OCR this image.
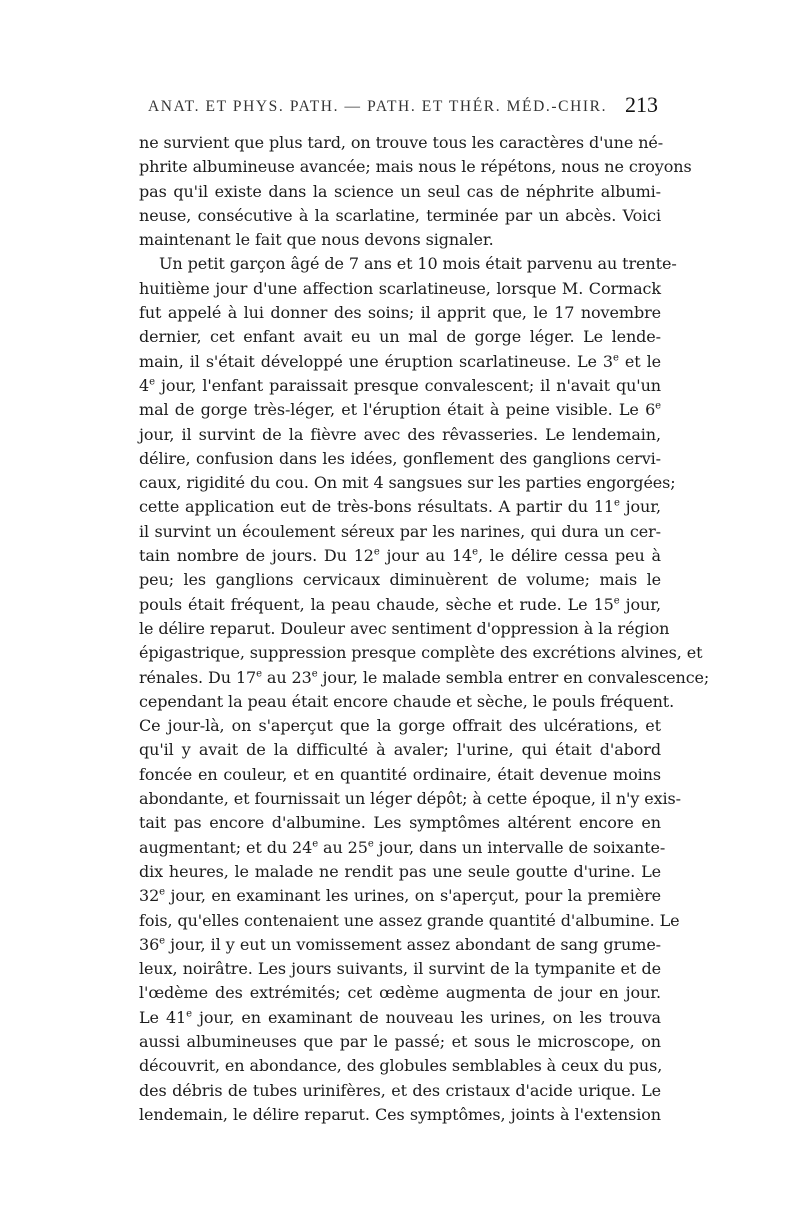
ANAT. ET PHYS. PATH. — PATH. ET THÉR. MÉD.-CHIR. 213
ne survient que plus tard, on trouve tous les caractères d'une né-
phrite albumineuse avancée; mais nous le répétons, nous ne croyons
pas qu'il existe dans la science un seul cas de néphrite albumi-
neuse, consécutive à la scarlatine, terminée par un abcès. Voici
maintenant le fait que nous devons signaler.
Un petit garçon âgé de 7 ans et 10 mois était parvenu au trente-
huitième jour d'une affection scarlatineuse, lorsque M. Cormack
fut appelé à lui donner des soins; il apprit que, le 17 novembre
dernier, cet enfant avait eu un mal de gorge léger. Le lende-
main, il s'était développé une éruption scarlatineuse. Le 3e et le
4e jour, l'enfant paraissait presque convalescent; il n'avait qu'un
mal de gorge très-léger, et l'éruption était à peine visible. Le 6e
jour, il survint de la fièvre avec des rêvasseries. Le lendemain,
délire, confusion dans les idées, gonflement des ganglions cervi-
caux, rigidité du cou. On mit 4 sangsues sur les parties engorgées;
cette application eut de très-bons résultats. A partir du 11e jour,
il survint un écoulement séreux par les narines, qui dura un cer-
tain nombre de jours. Du 12e jour au 14e, le délire cessa peu à
peu; les ganglions cervicaux diminuèrent de volume; mais le
pouls était fréquent, la peau chaude, sèche et rude. Le 15e jour,
le délire reparut. Douleur avec sentiment d'oppression à la région
épigastrique, suppression presque complète des excrétions alvines, et
rénales. Du 17e au 23e jour, le malade sembla entrer en convalescence;
cependant la peau était encore chaude et sèche, le pouls fréquent.
Ce jour-là, on s'aperçut que la gorge offrait des ulcérations, et
qu'il y avait de la difficulté à avaler; l'urine, qui était d'abord
foncée en couleur, et en quantité ordinaire, était devenue moins
abondante, et fournissait un léger dépôt; à cette époque, il n'y exis-
tait pas encore d'albumine. Les symptômes altérent encore en
augmentant; et du 24e au 25e jour, dans un intervalle de soixante-
dix heures, le malade ne rendit pas une seule goutte d'urine. Le
32e jour, en examinant les urines, on s'aperçut, pour la première
fois, qu'elles contenaient une assez grande quantité d'albumine. Le
36e jour, il y eut un vomissement assez abondant de sang grume-
leux, noirâtre. Les jours suivants, il survint de la tympanite et de
l'œdème des extrémités; cet œdème augmenta de jour en jour.
Le 41e jour, en examinant de nouveau les urines, on les trouva
aussi albumineuses que par le passé; et sous le microscope, on
découvrit, en abondance, des globules semblables à ceux du pus,
des débris de tubes urinifères, et des cristaux d'acide urique. Le
lendemain, le délire reparut. Ces symptômes, joints à l'extension
